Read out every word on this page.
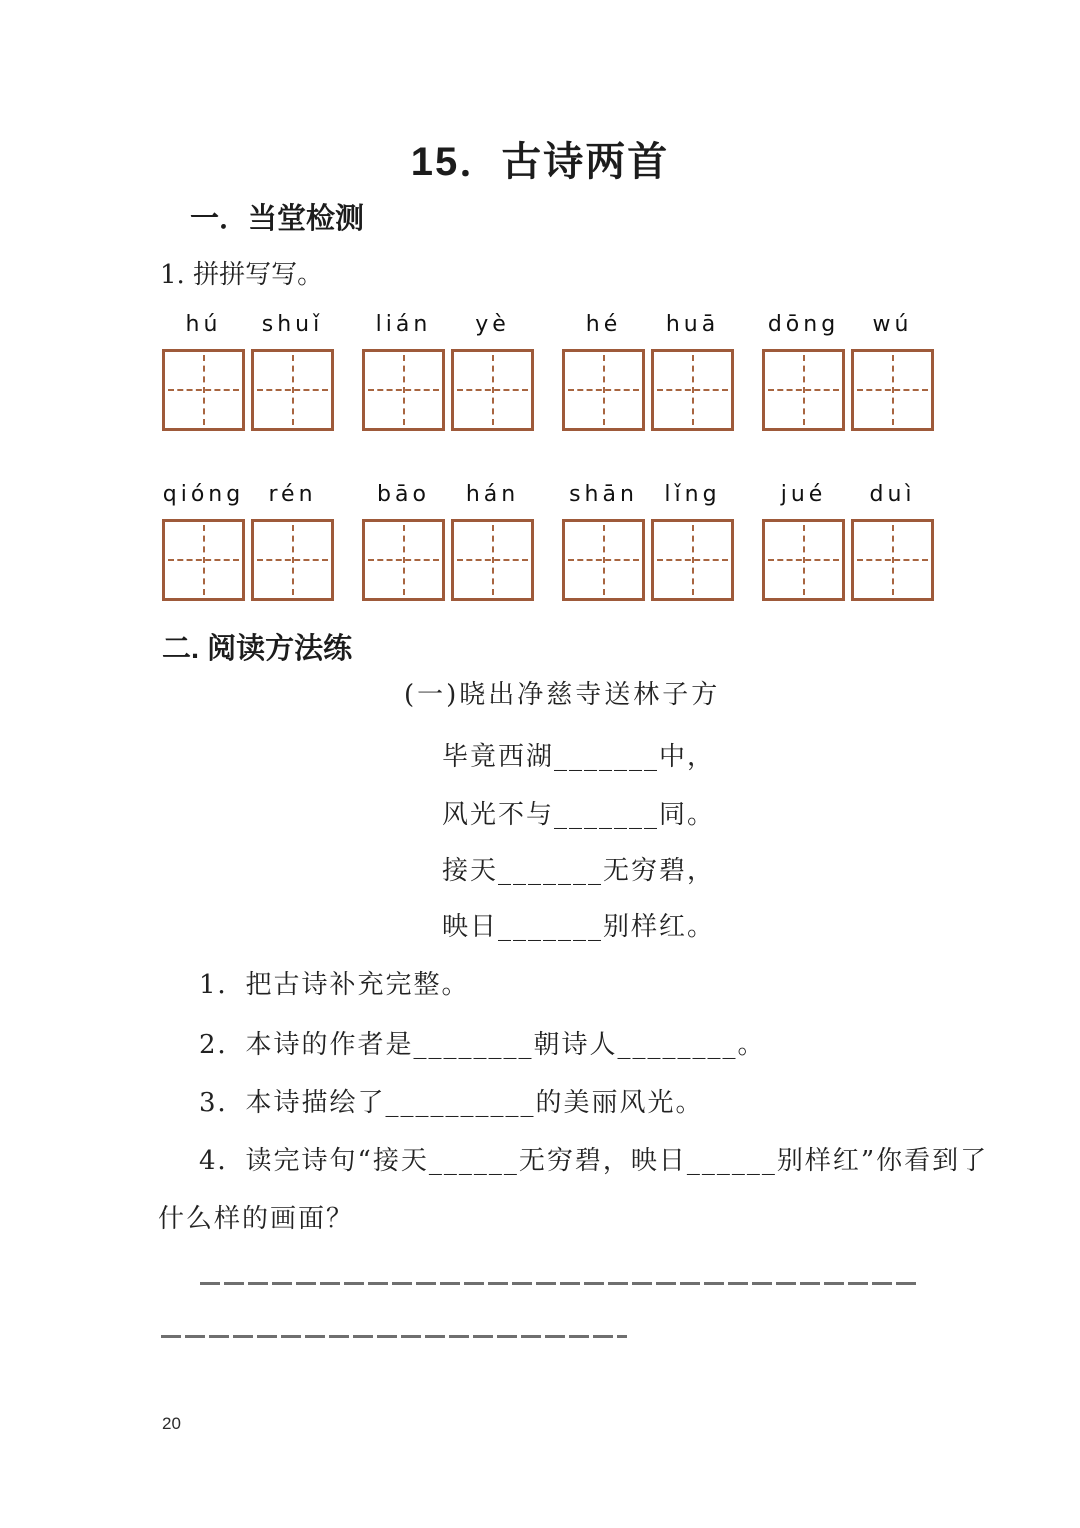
15．古诗两首
一．当堂检测
1. 拼拼写写。
hú	shuǐ	lián	yè	hé	huā	dōng	wú
qióng	rén	bāo	hán	shān	lǐng	jué	duì
二. 阅读方法练
(一)晓出净慈寺送林子方
毕竟西湖_______中，
风光不与_______同。
接天_______无穷碧，
映日_______别样红。
1．把古诗补充完整。
2．本诗的作者是________朝诗人________。
3．本诗描绘了__________的美丽风光。
4．读完诗句“接天______无穷碧，映日______别样红”你看到了
什么样的画面？
20
